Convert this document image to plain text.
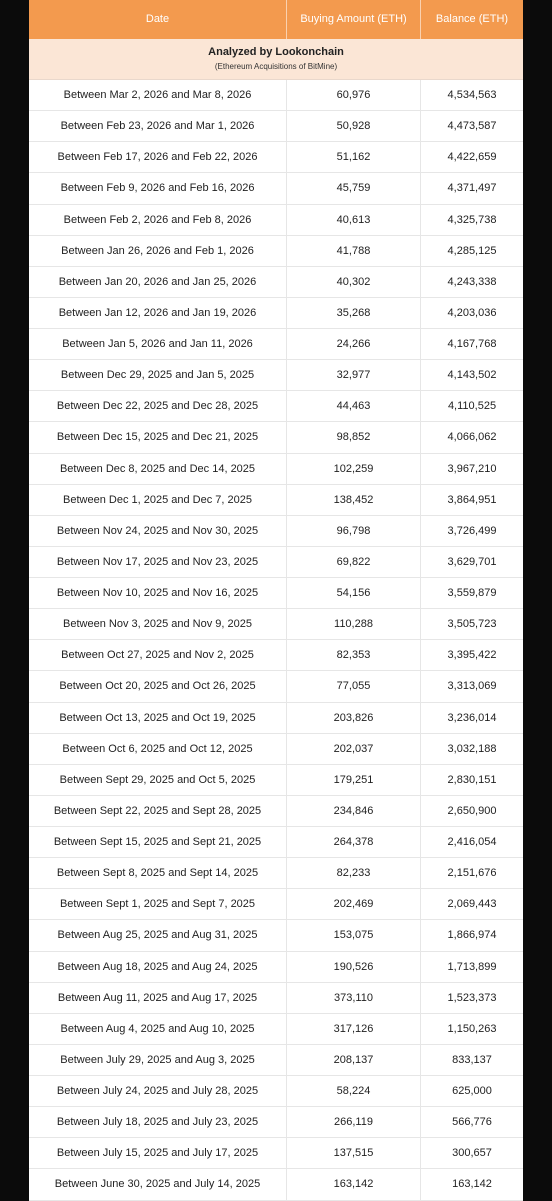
Date	Buying Amount (ETH)	Balance (ETH)
Analyzed by Lookonchain
(Ethereum Acquisitions of BitMine)
Between Mar 2, 2026 and Mar 8, 2026	60,976	4,534,563
Between Feb 23, 2026 and Mar 1, 2026	50,928	4,473,587
Between Feb 17, 2026 and Feb 22, 2026	51,162	4,422,659
Between Feb 9, 2026 and Feb 16, 2026	45,759	4,371,497
Between Feb 2, 2026 and Feb 8, 2026	40,613	4,325,738
Between Jan 26, 2026 and Feb 1, 2026	41,788	4,285,125
Between Jan 20, 2026 and Jan 25, 2026	40,302	4,243,338
Between Jan 12, 2026 and Jan 19, 2026	35,268	4,203,036
Between Jan 5, 2026 and Jan 11, 2026	24,266	4,167,768
Between Dec 29, 2025 and Jan 5, 2025	32,977	4,143,502
Between Dec 22, 2025 and Dec 28, 2025	44,463	4,110,525
Between Dec 15, 2025 and Dec 21, 2025	98,852	4,066,062
Between Dec 8, 2025 and Dec 14, 2025	102,259	3,967,210
Between Dec 1, 2025 and Dec 7, 2025	138,452	3,864,951
Between Nov 24, 2025 and Nov 30, 2025	96,798	3,726,499
Between Nov 17, 2025 and Nov 23, 2025	69,822	3,629,701
Between Nov 10, 2025 and Nov 16, 2025	54,156	3,559,879
Between Nov 3, 2025 and Nov 9, 2025	110,288	3,505,723
Between Oct 27, 2025 and Nov 2, 2025	82,353	3,395,422
Between Oct 20, 2025 and Oct 26, 2025	77,055	3,313,069
Between Oct 13, 2025 and Oct 19, 2025	203,826	3,236,014
Between Oct 6, 2025 and Oct 12, 2025	202,037	3,032,188
Between Sept 29, 2025 and Oct 5, 2025	179,251	2,830,151
Between Sept 22, 2025 and Sept 28, 2025	234,846	2,650,900
Between Sept 15, 2025 and Sept 21, 2025	264,378	2,416,054
Between Sept 8, 2025 and Sept 14, 2025	82,233	2,151,676
Between Sept 1, 2025 and Sept 7, 2025	202,469	2,069,443
Between Aug 25, 2025 and Aug 31, 2025	153,075	1,866,974
Between Aug 18, 2025 and Aug 24, 2025	190,526	1,713,899
Between Aug 11, 2025 and Aug 17, 2025	373,110	1,523,373
Between Aug 4, 2025 and Aug 10, 2025	317,126	1,150,263
Between July 29, 2025 and Aug 3, 2025	208,137	833,137
Between July 24, 2025 and July 28, 2025	58,224	625,000
Between July 18, 2025 and July 23, 2025	266,119	566,776
Between July 15, 2025 and July 17, 2025	137,515	300,657
Between June 30, 2025 and July 14, 2025	163,142	163,142
